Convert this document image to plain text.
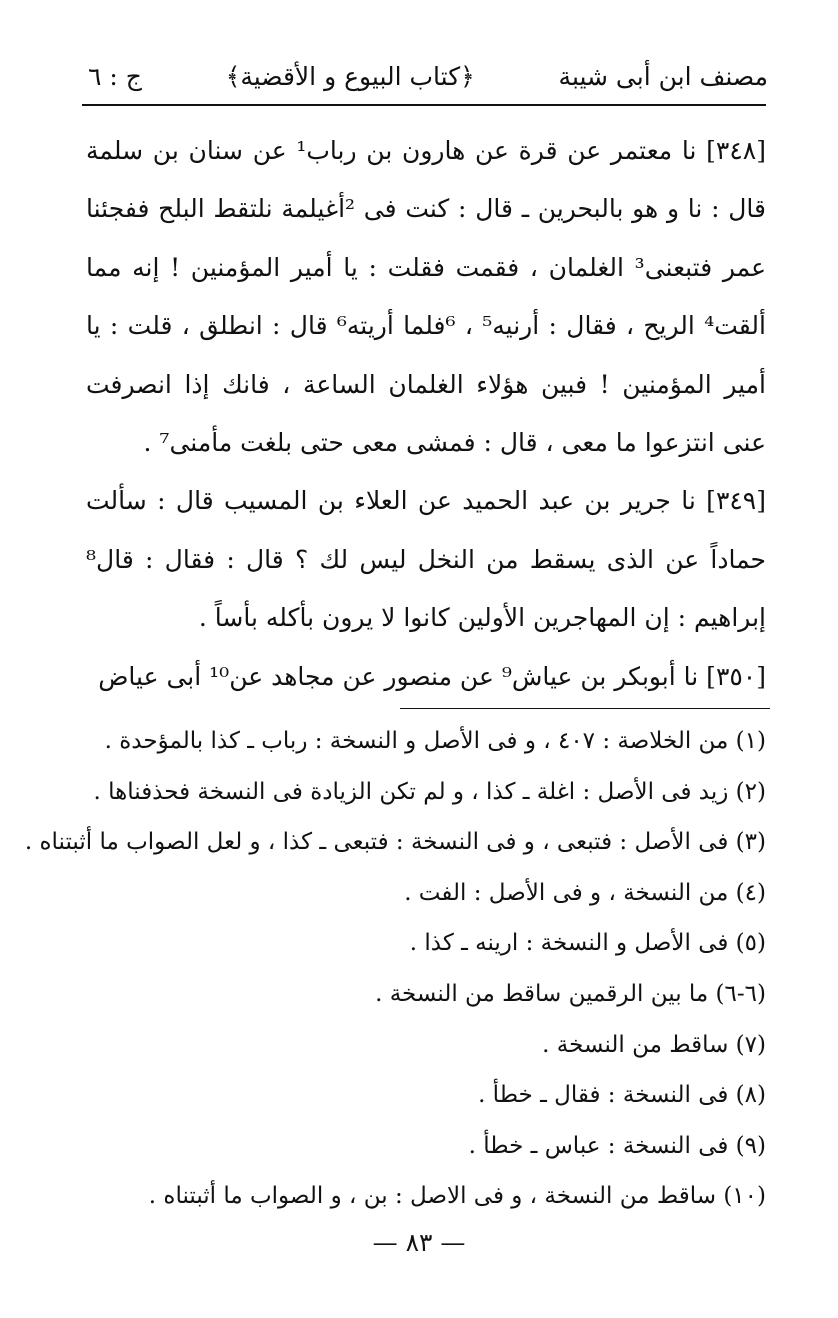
مصنف ابن أبى شيبة
﴿كتاب البيوع و الأقضية﴾
ج : ٦

[٣٤٨] نا معتمر عن قرة عن هارون بن رباب¹ عن سنان بن سلمة قال : نا و هو بالبحرين ـ قال : كنت فى ²أغيلمة نلتقط البلح ففجئنا عمر فتبعنى³ الغلمان ، فقمت فقلت : يا أمير المؤمنين ! إنه مما ألقت⁴ الريح ، فقال : أرنيه⁵ ، ⁶فلما أريته⁶ قال : انطلق ، قلت : يا أمير المؤمنين ! فبين هؤلاء الغلمان الساعة ، فانك إذا انصرفت عنى انتزعوا ما معى ، قال : فمشى معى حتى بلغت مأمنى⁷ .

[٣٤٩] نا جرير بن عبد الحميد عن العلاء بن المسيب قال : سألت حماداً عن الذى يسقط من النخل ليس لك ؟ قال : فقال : قال⁸ إبراهيم : إن المهاجرين الأولين كانوا لا يرون بأكله بأساً .

[٣٥٠] نا أبوبكر بن عياش⁹ عن منصور عن مجاهد عن¹⁰ أبى عياض

(١) من الخلاصة : ٤٠٧ ، و فى الأصل و النسخة : رباب ـ كذا بالمؤحدة .
(٢) زيد فى الأصل : اغلة ـ كذا ، و لم تكن الزيادة فى النسخة فحذفناها .
(٣) فى الأصل : فتبعى ، و فى النسخة : فتبعى ـ كذا ، و لعل الصواب ما أثبتناه .
(٤) من النسخة ، و فى الأصل : الفت .
(٥) فى الأصل و النسخة : ارينه ـ كذا .
(٦-٦) ما بين الرقمين ساقط من النسخة .
(٧) ساقط من النسخة .
(٨) فى النسخة : فقال ـ خطأ .
(٩) فى النسخة : عباس ـ خطأ .
(١٠) ساقط من النسخة ، و فى الاصل : بن ، و الصواب ما أثبتناه .
— ٨٣ —
